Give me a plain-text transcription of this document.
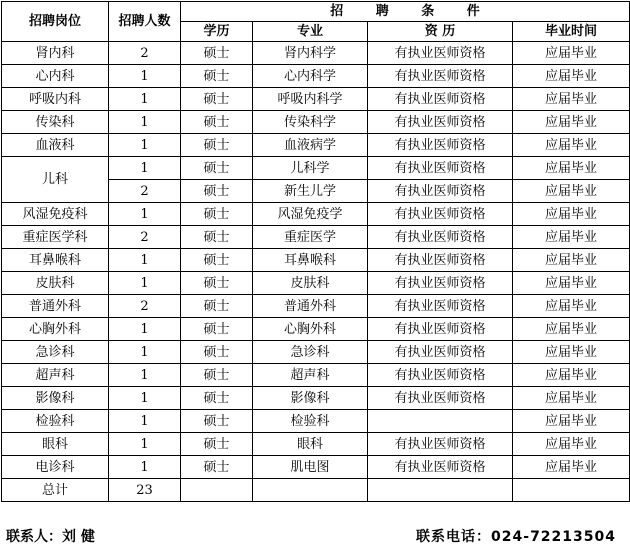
招聘岗位	招聘人数	招 聘 条 件			
		学历	专业	资 历	毕业时间
肾内科	2	硕士	肾内科学	有执业医师资格	应届毕业
心内科	1	硕士	心内科学	有执业医师资格	应届毕业
呼吸内科	1	硕士	呼吸内科学	有执业医师资格	应届毕业
传染科	1	硕士	传染科学	有执业医师资格	应届毕业
血液科	1	硕士	血液病学	有执业医师资格	应届毕业
儿科	1	硕士	儿科学	有执业医师资格	应届毕业
	2	硕士	新生儿学	有执业医师资格	应届毕业
风湿免疫科	1	硕士	风湿免疫学	有执业医师资格	应届毕业
重症医学科	2	硕士	重症医学	有执业医师资格	应届毕业
耳鼻喉科	1	硕士	耳鼻喉科	有执业医师资格	应届毕业
皮肤科	1	硕士	皮肤科	有执业医师资格	应届毕业
普通外科	2	硕士	普通外科	有执业医师资格	应届毕业
心胸外科	1	硕士	心胸外科	有执业医师资格	应届毕业
急诊科	1	硕士	急诊科	有执业医师资格	应届毕业
超声科	1	硕士	超声科	有执业医师资格	应届毕业
影像科	1	硕士	影像科	有执业医师资格	应届毕业
检验科	1	硕士	检验科		应届毕业
眼科	1	硕士	眼科	有执业医师资格	应届毕业
电诊科	1	硕士	肌电图	有执业医师资格	应届毕业
总计	23				
联系人：刘 健	联系电话：024-72213504
